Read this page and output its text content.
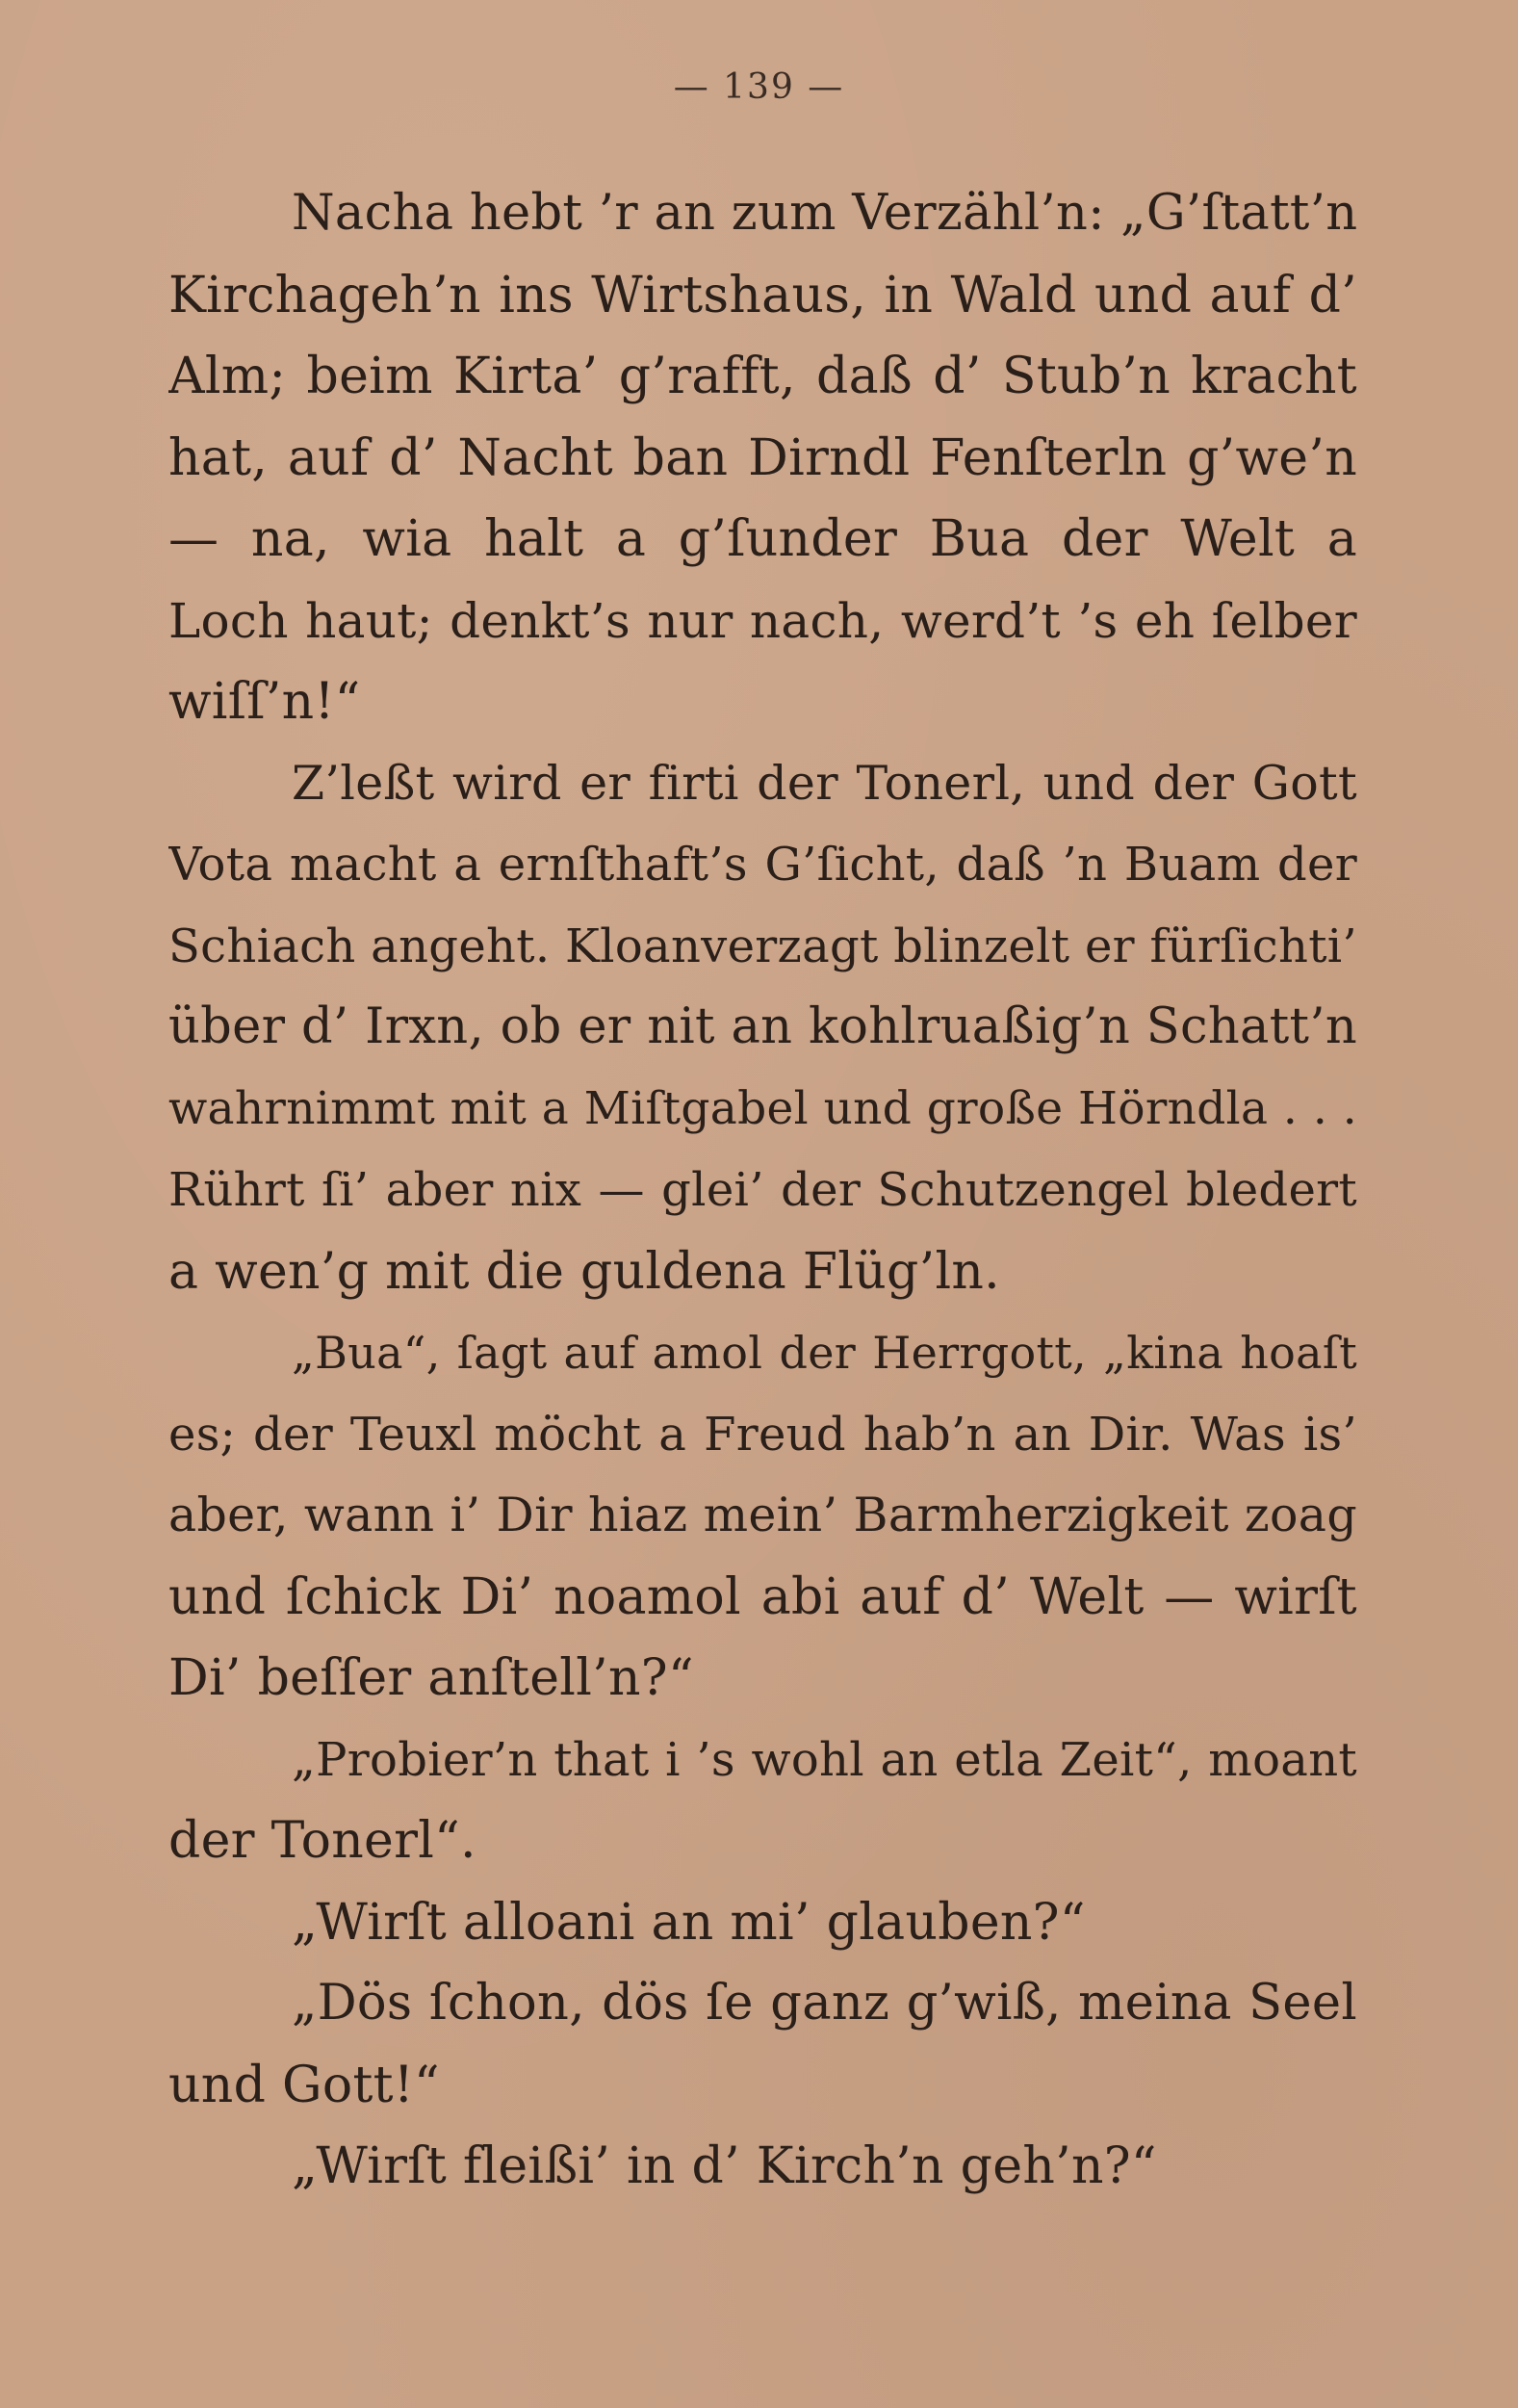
— 139 —
Nacha hebt ’r an zum Verzähl’n: „G’ſtatt’n
Kirchageh’n ins Wirtshaus, in Wald und auf d’
Alm; beim Kirta’ g’rafft, daß d’ Stub’n kracht
hat, auf d’ Nacht ban Dirndl Fenſterln g’we’n
— na, wia halt a g’ſunder Bua der Welt a
Loch haut; denkt’s nur nach, werd’t ’s eh ſelber
wiſſ’n!“
Z’leßt wird er firti der Tonerl, und der Gott
Vota macht a ernſthaft’s G’ſicht, daß ’n Buam der
Schiach angeht. Kloanverzagt blinzelt er fürſichti’
über d’ Irxn, ob er nit an kohlruaßig’n Schatt’n
wahrnimmt mit a Miſtgabel und große Hörndla . . .
Rührt ſi’ aber nix — glei’ der Schutzengel bledert
a wen’g mit die guldena Flüg’ln.
„Bua“, ſagt auf amol der Herrgott, „kina hoaſt
es; der Teuxl möcht a Freud hab’n an Dir. Was is’
aber, wann i’ Dir hiaz mein’ Barmherzigkeit zoag
und ſchick Di’ noamol abi auf d’ Welt — wirſt
Di’ beſſer anſtell’n?“
„Probier’n that i ’s wohl an etla Zeit“, moant
der Tonerl“.
„Wirſt alloani an mi’ glauben?“
„Dös ſchon, dös ſe ganz g’wiß, meina Seel
und Gott!“
„Wirſt fleißi’ in d’ Kirch’n geh’n?“
